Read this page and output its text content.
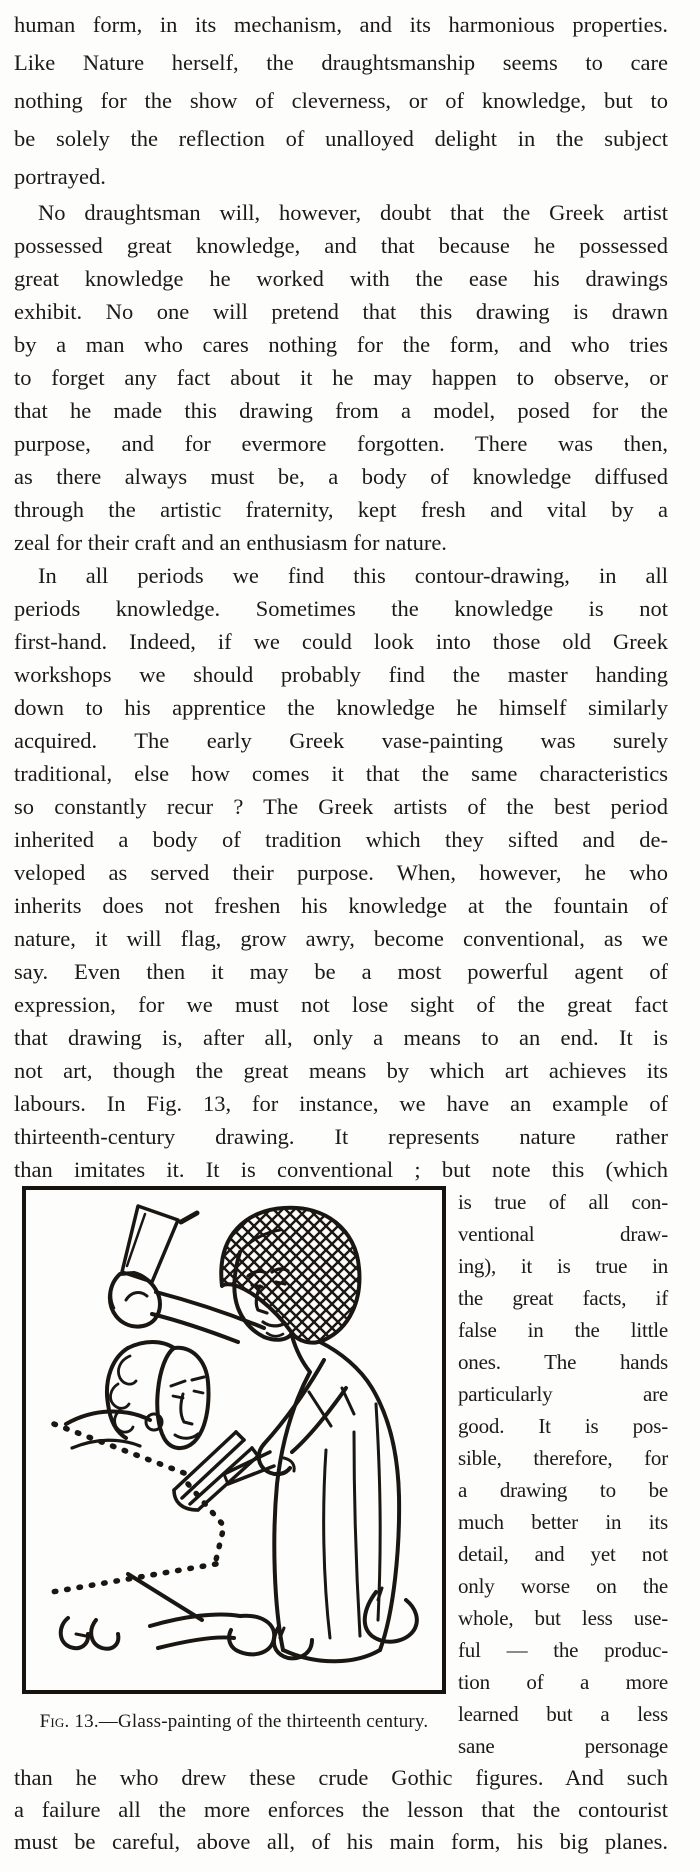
human form, in its mechanism, and its harmonious properties.
Like Nature herself, the draughtsmanship seems to care
nothing for the show of cleverness, or of knowledge, but to
be solely the reflection of unalloyed delight in the subject
portrayed.
No draughtsman will, however, doubt that the Greek artist
possessed great knowledge, and that because he possessed
great knowledge he worked with the ease his drawings
exhibit. No one will pretend that this drawing is drawn
by a man who cares nothing for the form, and who tries
to forget any fact about it he may happen to observe, or
that he made this drawing from a model, posed for the
purpose, and for evermore forgotten. There was then,
as there always must be, a body of knowledge diffused
through the artistic fraternity, kept fresh and vital by a
zeal for their craft and an enthusiasm for nature.
In all periods we find this contour-drawing, in all
periods knowledge. Sometimes the knowledge is not
first-hand. Indeed, if we could look into those old Greek
workshops we should probably find the master handing
down to his apprentice the knowledge he himself similarly
acquired. The early Greek vase-painting was surely
traditional, else how comes it that the same characteristics
so constantly recur ? The Greek artists of the best period
inherited a body of tradition which they sifted and de-
veloped as served their purpose. When, however, he who
inherits does not freshen his knowledge at the fountain of
nature, it will flag, grow awry, become conventional, as we
say. Even then it may be a most powerful agent of
expression, for we must not lose sight of the great fact
that drawing is, after all, only a means to an end. It is
not art, though the great means by which art achieves its
labours. In Fig. 13, for instance, we have an example of
thirteenth-century drawing. It represents nature rather
than imitates it. It is conventional ; but note this (which
Fig. 13.—Glass-painting of the thirteenth century.
is true of all con-
ventional draw-
ing), it is true in
the great facts, if
false in the little
ones. The hands
particularly are
good. It is pos-
sible, therefore, for
a drawing to be
much better in its
detail, and yet not
only worse on the
whole, but less use-
ful — the produc-
tion of a more
learned but a less
sane personage
than he who drew these crude Gothic figures. And such
a failure all the more enforces the lesson that the contourist
must be careful, above all, of his main form, his big planes.
